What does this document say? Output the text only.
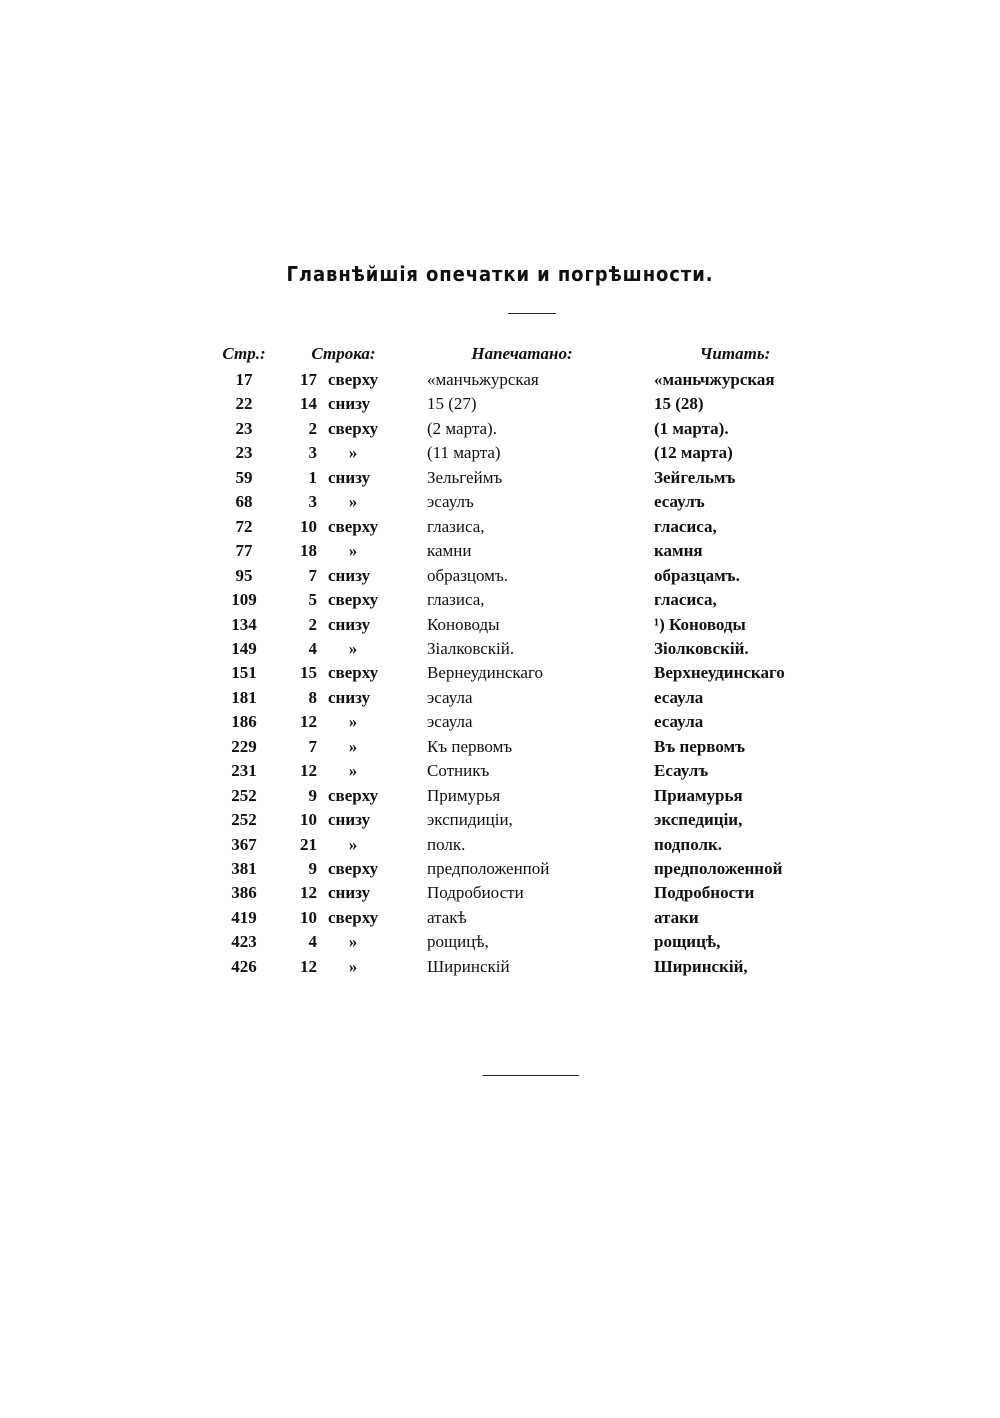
Главнѣйшія опечатки и погрѣшности.
Стр.:	Строка:	Напечатано:	Читать:
17	17 сверху	«манчьжурская	«маньчжурская
22	14 снизу	15 (27)	15 (28)
23	2 сверху	(2 марта).	(1 марта).
23	3	»	(11 марта)	(12 марта)
59	1 снизу	Зельгеймъ	Зейгельмъ
68	3	»	эсаулъ	есаулъ
72	10 сверху	глазиса,	гласиса,
77	18	»	камни	камня
95	7 снизу	образцомъ.	образцамъ.
109	5 сверху	глазиса,	гласиса,
134	2 снизу	Коноводы	¹) Коноводы
149	4	»	Зіалковскій.	Зіолковскій.
151	15 сверху	Вернеудинскаго	Верхнеудинскаго
181	8 снизу	эсаула	есаула
186	12	»	эсаула	есаула
229	7	»	Къ первомъ	Въ первомъ
231	12	»	Сотникъ	Есаулъ
252	9 сверху	Примурья	Приамурья
252	10 снизу	экспидиціи,	экспедиціи,
367	21	»	полк.	подполк.
381	9 сверху	предположенпой	предположенной
386	12 снизу	Подробиости	Подробности
419	10 сверху	атакѣ	атаки
423	4	»	рощицѣ,	рощицѣ,
426	12	»	Ширинскій	Ширинскій,
